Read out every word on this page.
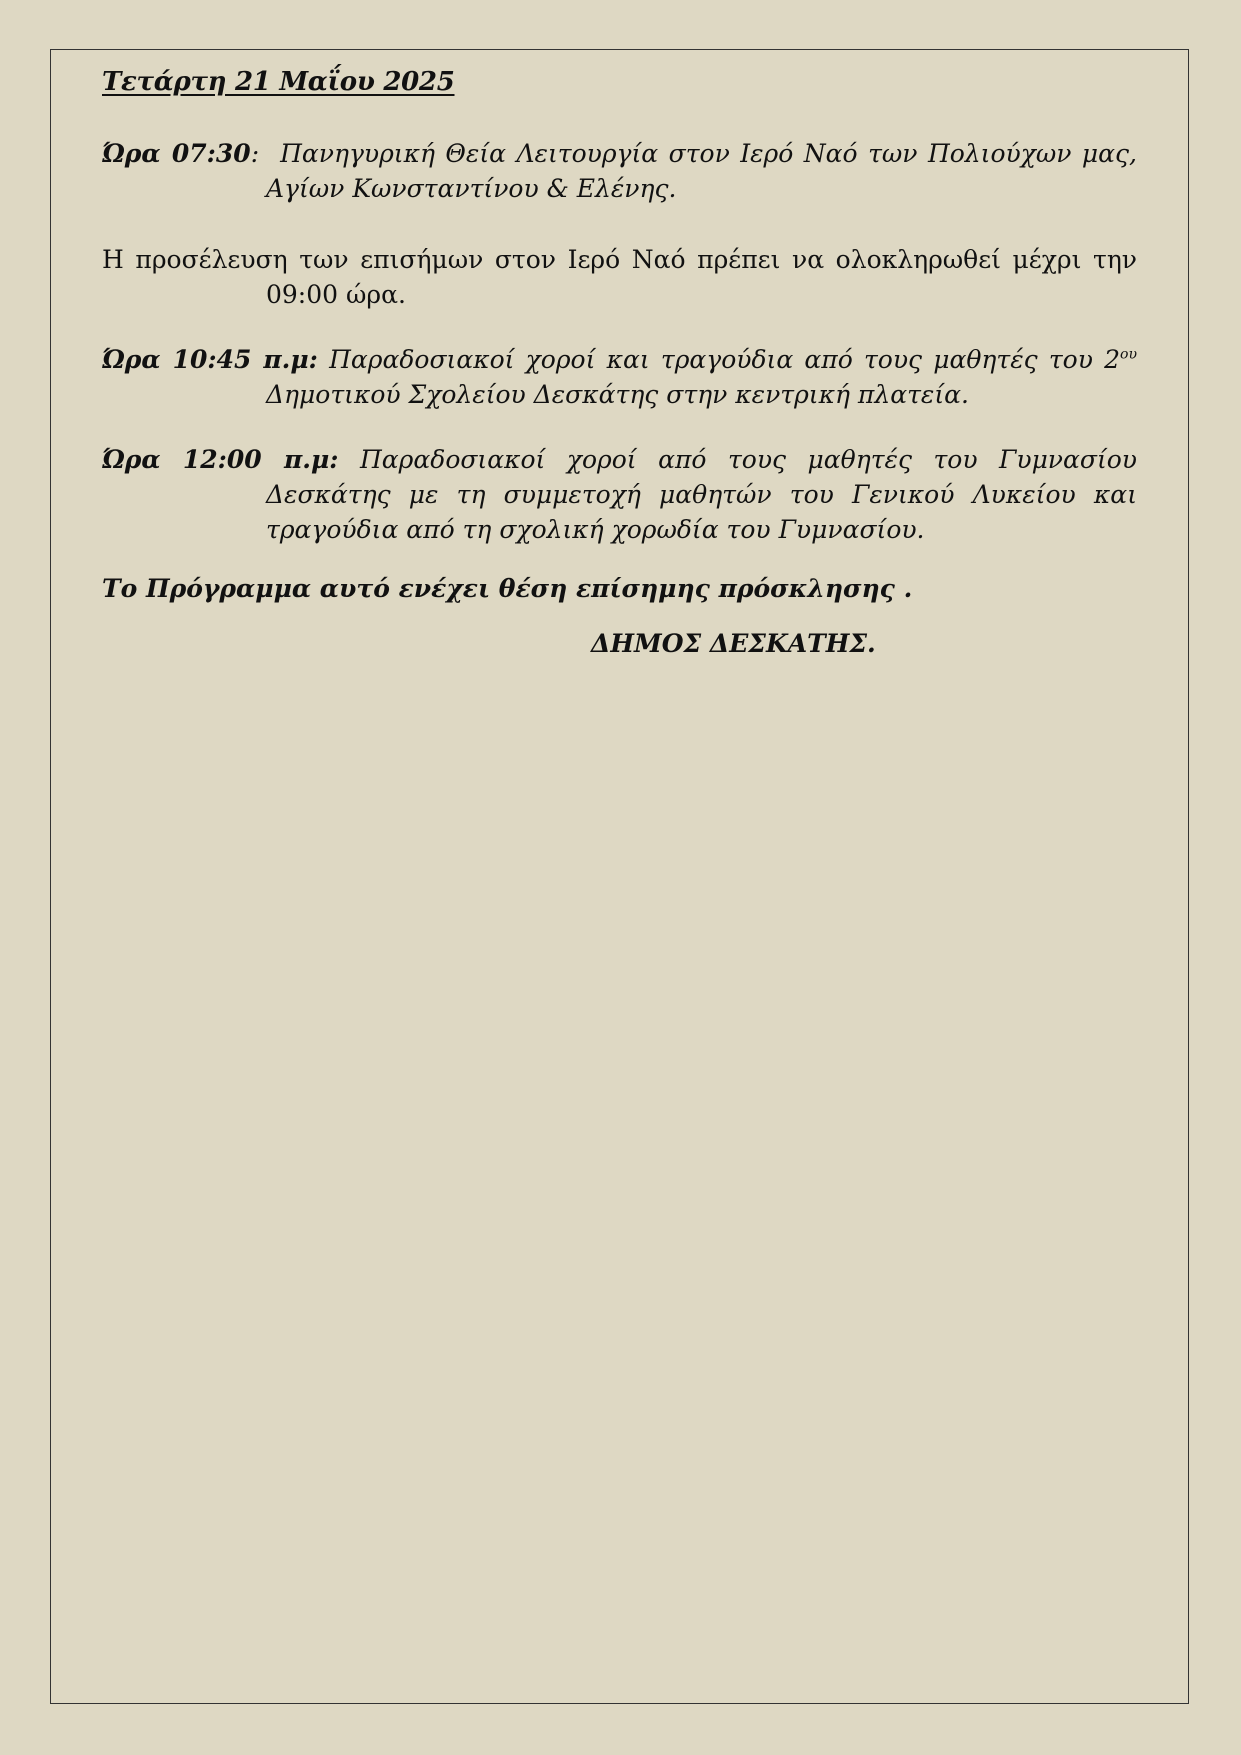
Τετάρτη 21 Μαΐου 2025
Ώρα 07:30: Πανηγυρική Θεία Λειτουργία στον Ιερό Ναό των Πολιούχων μας, Αγίων Κωνσταντίνου & Ελένης.
Η προσέλευση των επισήμων στον Ιερό Ναό πρέπει να ολοκληρωθεί μέχρι την 09:00 ώρα.
Ώρα 10:45 π.μ: Παραδοσιακοί χοροί και τραγούδια από τους μαθητές του $2^{o\upsilon}$ Δημοτικού Σχολείου Δεσκάτης στην κεντρική πλατεία.
Ώρα 12:00 π.μ: Παραδοσιακοί χοροί από τους μαθητές του Γυμνασίου Δεσκάτης με τη συμμετοχή μαθητών του Γενικού Λυκείου και τραγούδια από τη σχολική χορωδία του Γυμνασίου.
Το Πρόγραμμα αυτό ενέχει θέση επίσημης πρόσκλησης .
ΔΗΜΟΣ ΔΕΣΚΑΤΗΣ.
